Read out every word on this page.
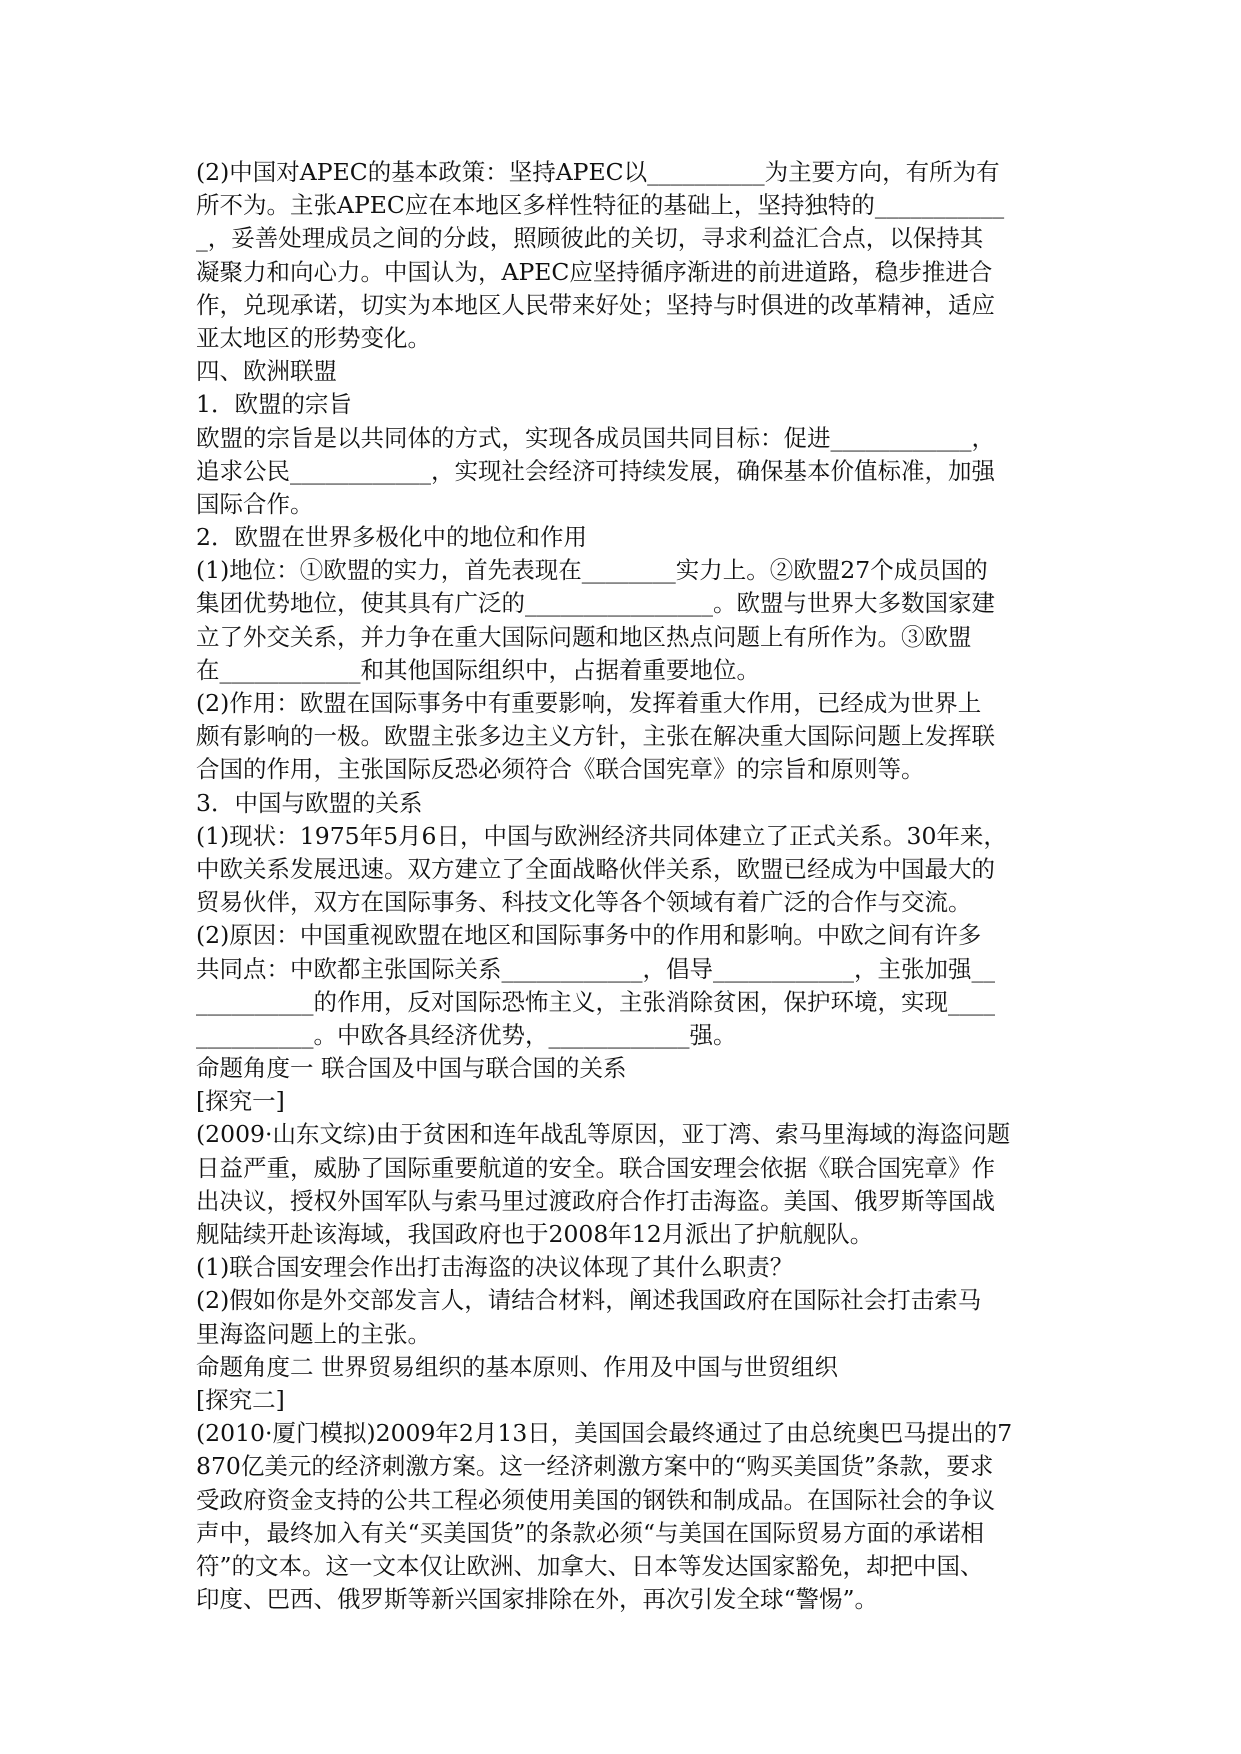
(2)中国对APEC的基本政策：坚持APEC以__________为主要方向，有所为有
所不为。主张APEC应在本地区多样性特征的基础上，坚持独特的___________
_，妥善处理成员之间的分歧，照顾彼此的关切，寻求利益汇合点，以保持其
凝聚力和向心力。中国认为，APEC应坚持循序渐进的前进道路，稳步推进合
作，兑现承诺，切实为本地区人民带来好处；坚持与时俱进的改革精神，适应
亚太地区的形势变化。
四、欧洲联盟
1．欧盟的宗旨
欧盟的宗旨是以共同体的方式，实现各成员国共同目标：促进____________，
追求公民____________，实现社会经济可持续发展，确保基本价值标准，加强
国际合作。
2．欧盟在世界多极化中的地位和作用
(1)地位：①欧盟的实力，首先表现在________实力上。②欧盟27个成员国的
集团优势地位，使其具有广泛的________________。欧盟与世界大多数国家建
立了外交关系，并力争在重大国际问题和地区热点问题上有所作为。③欧盟
在____________和其他国际组织中，占据着重要地位。
(2)作用：欧盟在国际事务中有重要影响，发挥着重大作用，已经成为世界上
颇有影响的一极。欧盟主张多边主义方针，主张在解决重大国际问题上发挥联
合国的作用，主张国际反恐必须符合《联合国宪章》的宗旨和原则等。
3．中国与欧盟的关系
(1)现状：1975年5月6日，中国与欧洲经济共同体建立了正式关系。30年来，
中欧关系发展迅速。双方建立了全面战略伙伴关系，欧盟已经成为中国最大的
贸易伙伴，双方在国际事务、科技文化等各个领域有着广泛的合作与交流。
(2)原因：中国重视欧盟在地区和国际事务中的作用和影响。中欧之间有许多
共同点：中欧都主张国际关系____________，倡导____________，主张加强__
__________的作用，反对国际恐怖主义，主张消除贫困，保护环境，实现____
__________。中欧各具经济优势，____________强。
命题角度一 联合国及中国与联合国的关系
[探究一]
(2009·山东文综)由于贫困和连年战乱等原因，亚丁湾、索马里海域的海盗问题
日益严重，威胁了国际重要航道的安全。联合国安理会依据《联合国宪章》作
出决议，授权外国军队与索马里过渡政府合作打击海盗。美国、俄罗斯等国战
舰陆续开赴该海域，我国政府也于2008年12月派出了护航舰队。
(1)联合国安理会作出打击海盗的决议体现了其什么职责？
(2)假如你是外交部发言人，请结合材料，阐述我国政府在国际社会打击索马
里海盗问题上的主张。
命题角度二 世界贸易组织的基本原则、作用及中国与世贸组织
[探究二]
(2010·厦门模拟)2009年2月13日，美国国会最终通过了由总统奥巴马提出的7
870亿美元的经济刺激方案。这一经济刺激方案中的“购买美国货”条款，要求
受政府资金支持的公共工程必须使用美国的钢铁和制成品。在国际社会的争议
声中，最终加入有关“买美国货”的条款必须“与美国在国际贸易方面的承诺相
符”的文本。这一文本仅让欧洲、加拿大、日本等发达国家豁免，却把中国、
印度、巴西、俄罗斯等新兴国家排除在外，再次引发全球“警惕”。
